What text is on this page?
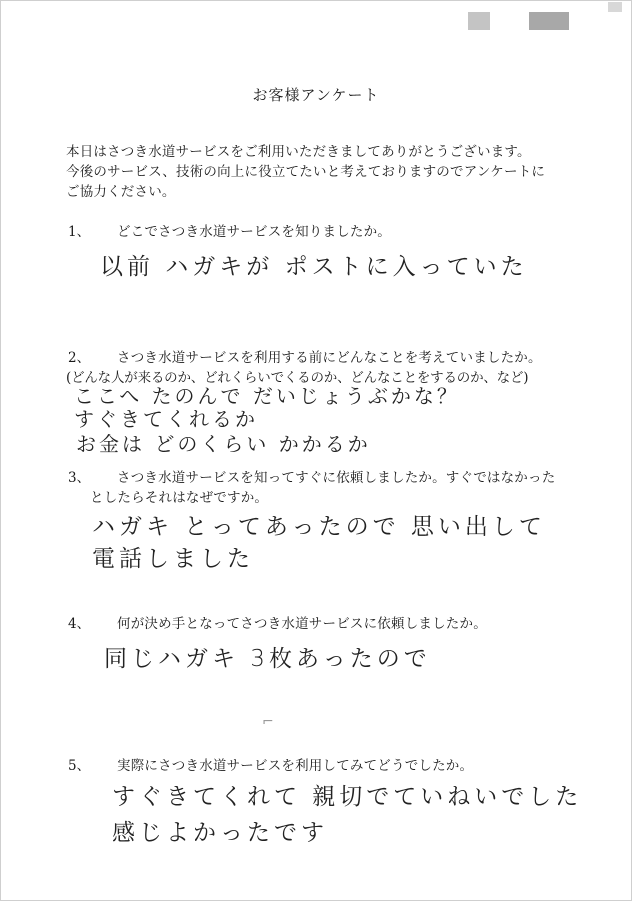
お客様アンケート
本日はさつき水道サービスをご利用いただきましてありがとうございます。
今後のサービス、技術の向上に役立てたいと考えておりますのでアンケートに
ご協力ください。
1、 どこでさつき水道サービスを知りましたか。
以前 ハガキが ポストに入っていた
2、 さつき水道サービスを利用する前にどんなことを考えていましたか。
(どんな人が来るのか、どれくらいでくるのか、どんなことをするのか、など)
ここへ たのんで だいじょうぶかな？
すぐきてくれるか
お金は どのくらい かかるか
3、 さつき水道サービスを知ってすぐに依頼しましたか。すぐではなかった
としたらそれはなぜですか。
ハガキ とってあったので 思い出して
電話しました
4、 何が決め手となってさつき水道サービスに依頼しましたか。
同じハガキ 3枚あったので
⌐
5、 実際にさつき水道サービスを利用してみてどうでしたか。
すぐきてくれて 親切でていねいでした
感じよかったです
